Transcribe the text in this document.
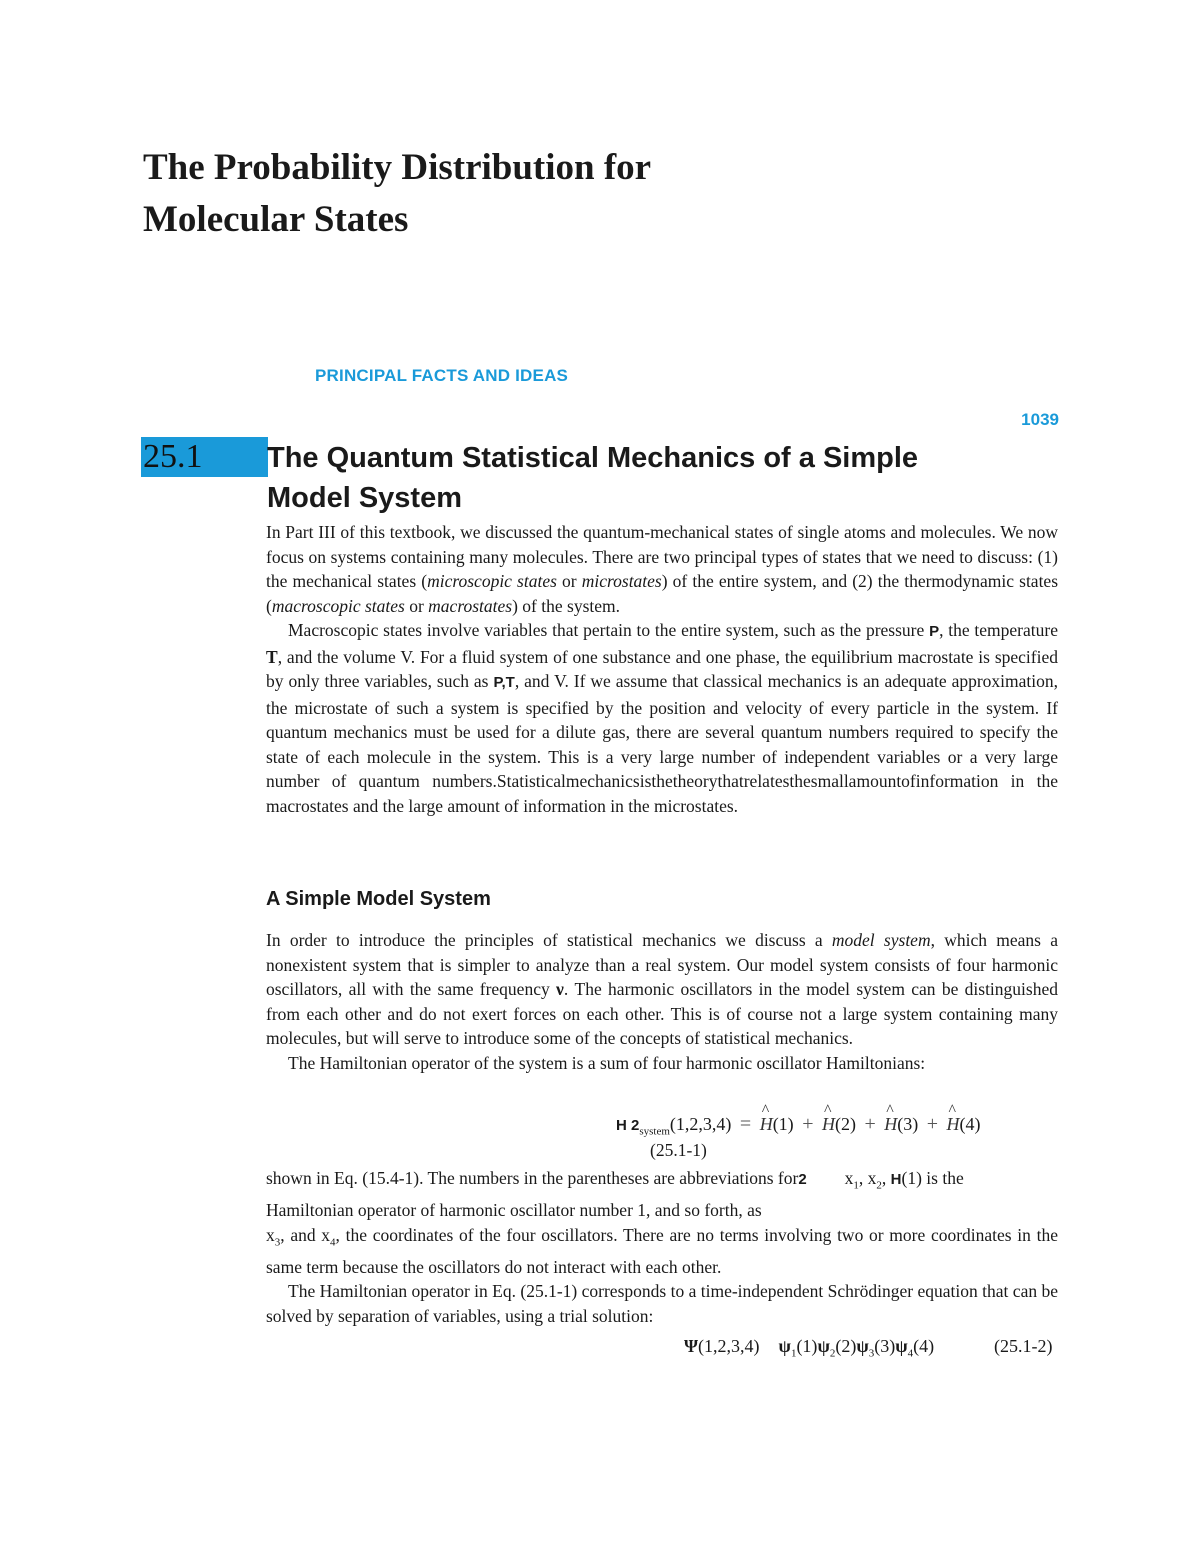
The Probability Distribution for
Molecular States
PRINCIPAL FACTS AND IDEAS
1039
25.1	The Quantum Statistical Mechanics of a Simple
Model System

In Part III of this textbook, we discussed the quantum-mechanical states of single atoms and molecules. We now focus on systems containing many molecules. There are two principal types of states that we need to discuss: (1) the mechanical states (microscopic states or microstates) of the entire system, and (2) the thermodynamic states (macroscopic states or macrostates) of the system.

Macroscopic states involve variables that pertain to the entire system, such as the pressure P, the temperature T, and the volume V. For a fluid system of one substance and one phase, the equilibrium macrostate is specified by only three variables, such as P,T, and V. If we assume that classical mechanics is an adequate approximation, the microstate of such a system is specified by the position and velocity of every particle in the system. If quantum mechanics must be used for a dilute gas, there are several quantum numbers required to specify the state of each molecule in the system. This is a very large number of independent variables or a very large number of quantum numbers.Statisticalmechanicsisthetheorythatrelatesthesmallamountofinformation in the macrostates and the large amount of information in the microstates.

A Simple Model System

In order to introduce the principles of statistical mechanics we discuss a model system, which means a nonexistent system that is simpler to analyze than a real system. Our model system consists of four harmonic oscillators, all with the same frequency ν. The harmonic oscillators in the model system can be distinguished from each other and do not exert forces on each other. This is of course not a large system containing many molecules, but will serve to introduce some of the concepts of statistical mechanics.

The Hamiltonian operator of the system is a sum of four harmonic oscillator Hamiltonians:

H $2_{system}(1,2,3,4)$ = ^ H(1) + ^ H(2) + ^ H(3) + ^ H(4)
(25.1-1)

shown in Eq. (15.4-1). The numbers in the parentheses are abbreviations for2 $x_1$, $x_2$, H(1) is the
Hamiltonian operator of harmonic oscillator number 1, and so forth, as

$x_3$, and $x_4$, the coordinates of the four oscillators. There are no terms involving two or more coordinates in the same term because the oscillators do not interact with each other.

The Hamiltonian operator in Eq. (25.1-1) corresponds to a time-independent Schrödinger equation that can be solved by separation of variables, using a trial solution:

Ψ(1,2,3,4) $\psi_1(1)\psi_2(2)\psi_3(3)\psi_4(4)$	(25.1-2)
